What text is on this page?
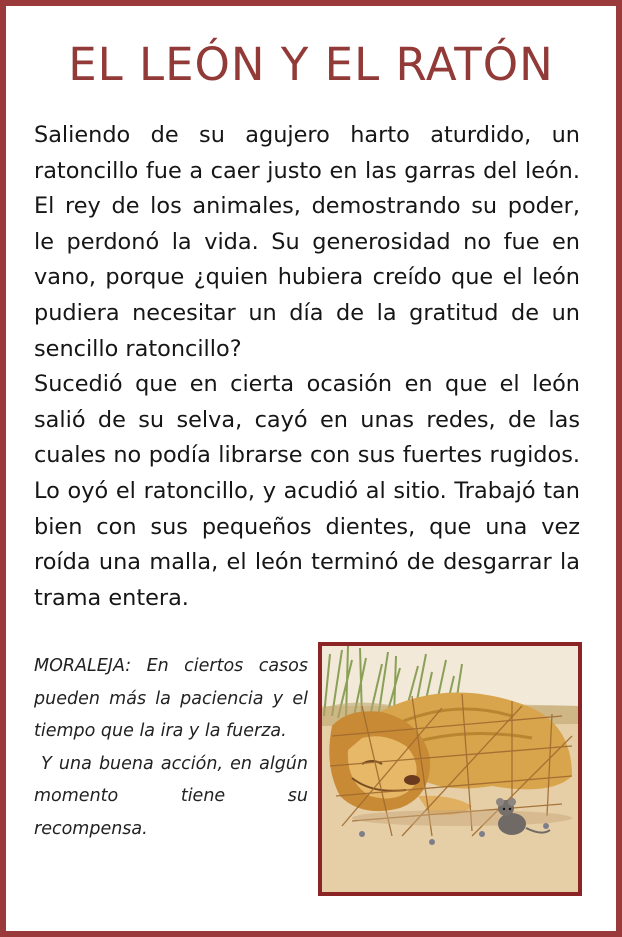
EL LEÓN Y EL RATÓN

Saliendo de su agujero harto aturdido, un ratoncillo fue a caer justo en las garras del león. El rey de los animales, demostrando su poder, le perdonó la vida. Su generosidad no fue en vano, porque ¿quien hubiera creído que el león pudiera necesitar un día de la gratitud de un sencillo ratoncillo?

Sucedió que en cierta ocasión en que el león salió de su selva, cayó en unas redes, de las cuales no podía librarse con sus fuertes rugidos. Lo oyó el ratoncillo, y acudió al sitio. Trabajó tan bien con sus pequeños dientes, que una vez roída una malla, el león terminó de desgarrar la trama entera.

MORALEJA: En ciertos casos pueden más la paciencia y el tiempo que la ira y la fuerza.

Y una buena acción, en algún momento tiene su recompensa.
